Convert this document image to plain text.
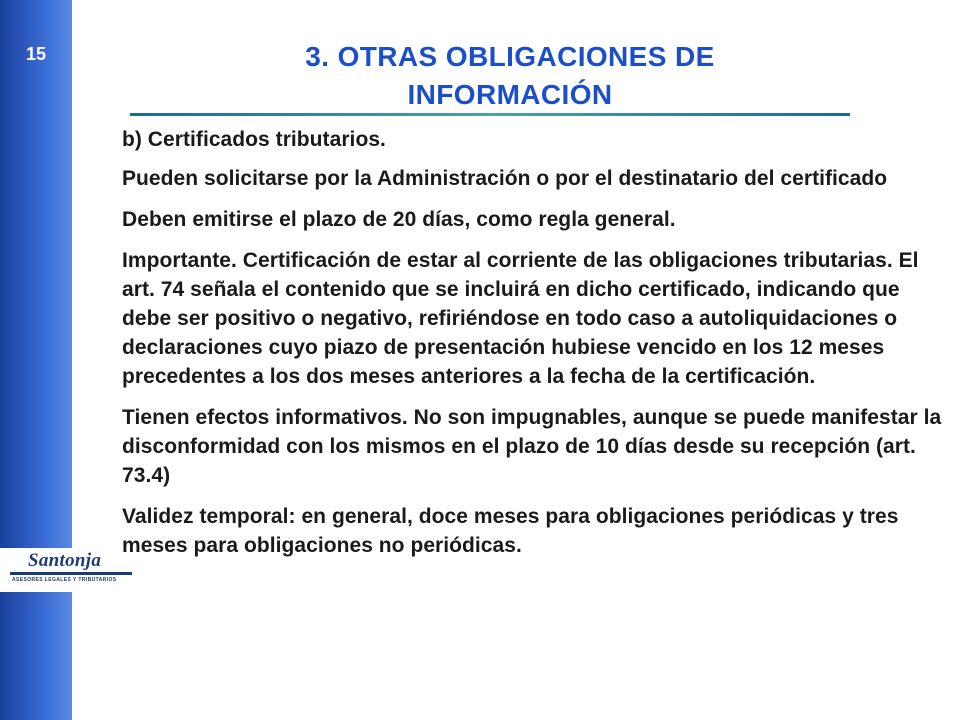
15
Santonja
ASESORES LEGALES Y TRIBUTARIOS
3. OTRAS OBLIGACIONES DE
INFORMACIÓN

b) Certificados tributarios.

Pueden solicitarse por la Administración o por el destinatario del certificado

Deben emitirse el plazo de 20 días, como regla general.

Importante. Certificación de estar al corriente de las obligaciones tributarias. El art. 74 señala el contenido que se incluirá en dicho certificado, indicando que debe ser positivo o negativo, refiriéndose en todo caso a autoliquidaciones o declaraciones cuyo piazo de presentación hubiese vencido en los 12 meses precedentes a los dos meses anteriores a la fecha de la certificación.

Tienen efectos informativos. No son impugnables, aunque se puede manifestar la disconformidad con los mismos en el plazo de 10 días desde su recepción (art. 73.4)

Validez temporal: en general, doce meses para obligaciones periódicas y tres meses para obligaciones no periódicas.
